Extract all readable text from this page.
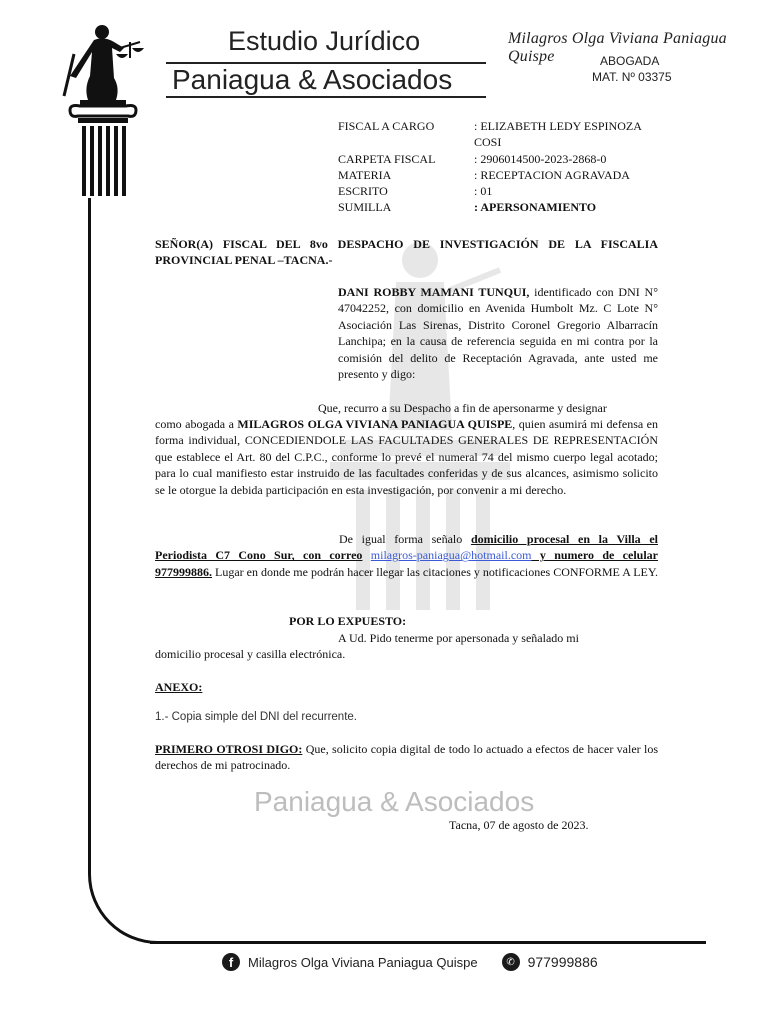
Estudio Jurídico
Paniagua & Asociados
Milagros Olga Viviana Paniagua Quispe	ABOGADA
MAT. Nº 03375
Paniagua & Asociados
FISCAL A CARGO	: ELIZABETH LEDY ESPINOZA COSI
CARPETA FISCAL	: 2906014500-2023-2868-0
MATERIA	: RECEPTACION AGRAVADA
ESCRITO	: 01
SUMILLA	: APERSONAMIENTO
SEÑOR(A) FISCAL DEL 8vo DESPACHO DE INVESTIGACIÓN DE LA FISCALIA PROVINCIAL PENAL –TACNA.-
DANI ROBBY MAMANI TUNQUI, identificado con DNI N° 47042252, con domicilio en Avenida Humbolt Mz. C Lote N° Asociación Las Sirenas, Distrito Coronel Gregorio Albarracín Lanchipa; en la causa de referencia seguida en mi contra por la comisión del delito de Receptación Agravada, ante usted me presento y digo:
Que, recurro a su Despacho a fin de apersonarme y designar
como abogada a MILAGROS OLGA VIVIANA PANIAGUA QUISPE, quien asumirá mi defensa en forma individual, CONCEDIENDOLE LAS FACULTADES GENERALES DE REPRESENTACIÓN que establece el Art. 80 del C.P.C., conforme lo prevé el numeral 74 del mismo cuerpo legal acotado; para lo cual manifiesto estar instruido de las facultades conferidas y de sus alcances, asimismo solicito se le otorgue la debida participación en esta investigación, por convenir a mi derecho.
De igual forma señalo domicilio procesal en la Villa el Periodista C7 Cono Sur, con correo milagros-paniagua@hotmail.com y numero de celular 977999886. Lugar en donde me podrán hacer llegar las citaciones y notificaciones CONFORME A LEY.
POR LO EXPUESTO:
A Ud. Pido tenerme por apersonada y señalado mi
domicilio procesal y casilla electrónica.
ANEXO:
1.- Copia simple del DNI del recurrente.
PRIMERO OTROSI DIGO: Que, solicito copia digital de todo lo actuado a efectos de hacer valer los derechos de mi patrocinado.
Tacna, 07 de agosto de 2023.
f	Milagros Olga Viviana Paniagua Quispe	✆ 977999886
